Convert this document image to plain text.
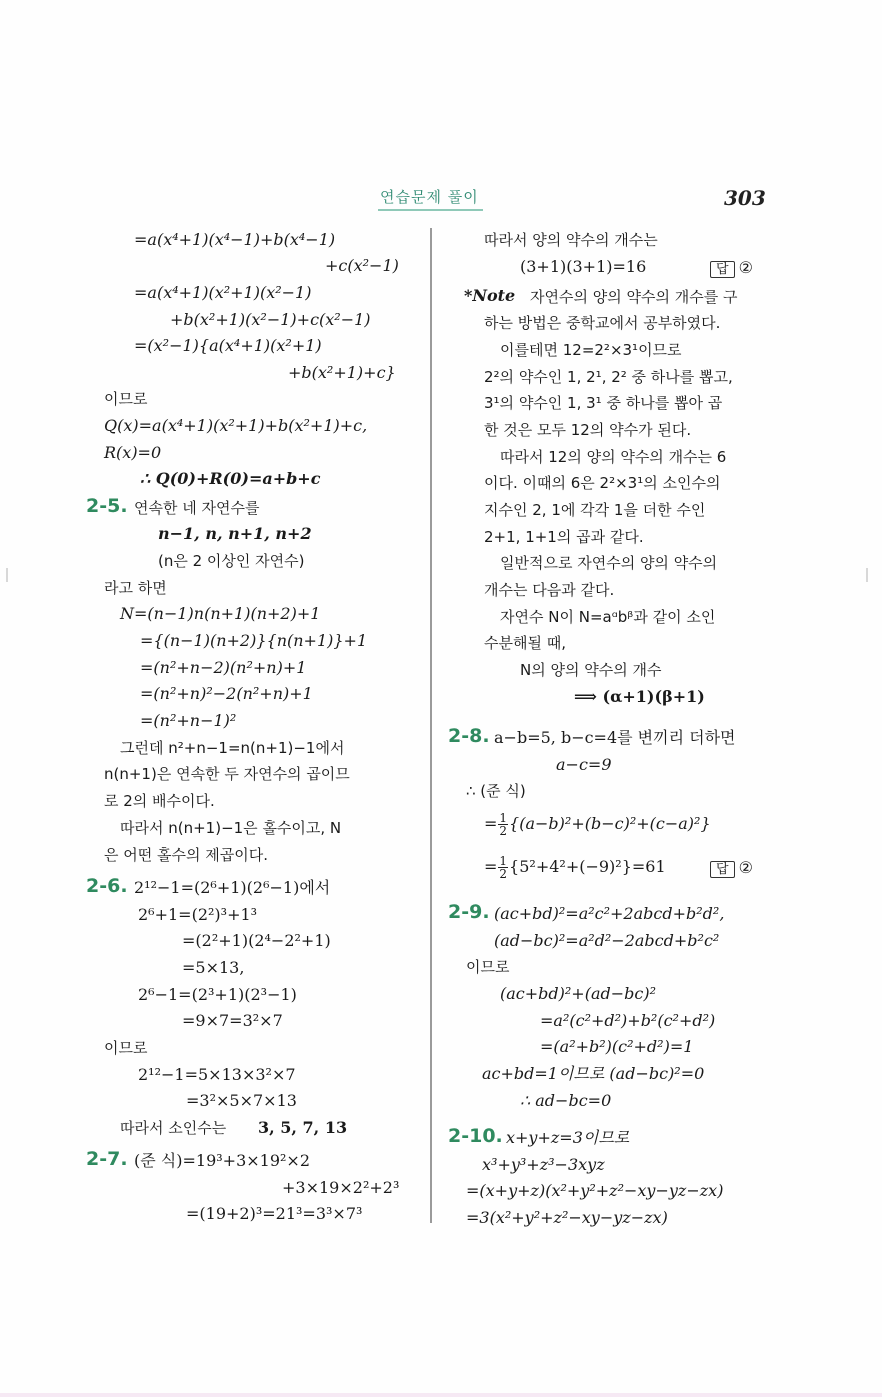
연습문제 풀이	303
=a(x⁴+1)(x⁴−1)+b(x⁴−1)
+c(x²−1)
=a(x⁴+1)(x²+1)(x²−1)
+b(x²+1)(x²−1)+c(x²−1)
=(x²−1){a(x⁴+1)(x²+1)
+b(x²+1)+c}
이므로
Q(x)=a(x⁴+1)(x²+1)+b(x²+1)+c,
R(x)=0
∴ Q(0)+R(0)=a+b+c
2-5. 연속한 네 자연수를
n−1, n, n+1, n+2
(n은 2 이상인 자연수)
라고 하면
N=(n−1)n(n+1)(n+2)+1
={(n−1)(n+2)}{n(n+1)}+1
=(n²+n−2)(n²+n)+1
=(n²+n)²−2(n²+n)+1
=(n²+n−1)²
그런데 n²+n−1=n(n+1)−1에서
n(n+1)은 연속한 두 자연수의 곱이므
로 2의 배수이다.
따라서 n(n+1)−1은 홀수이고, N
은 어떤 홀수의 제곱이다.
2-6. 2¹²−1=(2⁶+1)(2⁶−1)에서
2⁶+1=(2²)³+1³
=(2²+1)(2⁴−2²+1)
=5×13,
2⁶−1=(2³+1)(2³−1)
=9×7=3²×7
이므로
2¹²−1=5×13×3²×7
=3²×5×7×13
따라서 소인수는 3, 5, 7, 13
2-7. (준 식)=19³+3×19²×2
+3×19×2²+2³
=(19+2)³=21³=3³×7³
따라서 양의 약수의 개수는
(3+1)(3+1)=16	답 ②
*Note 자연수의 양의 약수의 개수를 구
하는 방법은 중학교에서 공부하였다.
이를테면 12=2²×3¹이므로
2²의 약수인 1, 2¹, 2² 중 하나를 뽑고,
3¹의 약수인 1, 3¹ 중 하나를 뽑아 곱
한 것은 모두 12의 약수가 된다.
따라서 12의 양의 약수의 개수는 6
이다. 이때의 6은 2²×3¹의 소인수의
지수인 2, 1에 각각 1을 더한 수인
2+1, 1+1의 곱과 같다.
일반적으로 자연수의 양의 약수의
개수는 다음과 같다.
자연수 N이 N=aᵅbᵝ과 같이 소인
수분해될 때,
N의 양의 약수의 개수
⟹ (α+1)(β+1)
2-8. a−b=5, b−c=4를 변끼리 더하면
a−c=9
∴ (준 식)
= $\frac{1}{2} \{(a-b)^2+(b-c)^2+(c-a)^2\}$
= $\frac{1}{2} \{5^2+4^2+(-9)^2\}=61$	답 ②
2-9. (ac+bd)²=a²c²+2abcd+b²d²,
(ad−bc)²=a²d²−2abcd+b²c²
이므로
(ac+bd)²+(ad−bc)²
=a²(c²+d²)+b²(c²+d²)
=(a²+b²)(c²+d²)=1
ac+bd=1이므로 (ad−bc)²=0
∴ ad−bc=0
2-10. x+y+z=3이므로
x³+y³+z³−3xyz
=(x+y+z)(x²+y²+z²−xy−yz−zx)
=3(x²+y²+z²−xy−yz−zx)
